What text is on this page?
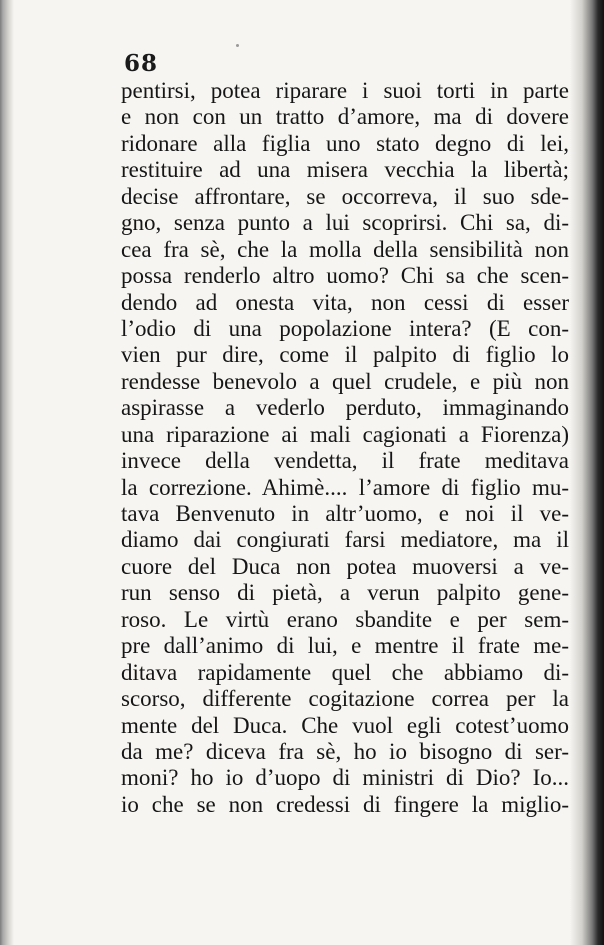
68
pentirsi, potea riparare i suoi torti in parte
e non con un tratto d’amore, ma di dovere
ridonare alla figlia uno stato degno di lei,
restituire ad una misera vecchia la libertà;
decise affrontare, se occorreva, il suo sde-
gno, senza punto a lui scoprirsi. Chi sa, di-
cea fra sè, che la molla della sensibilità non
possa renderlo altro uomo? Chi sa che scen-
dendo ad onesta vita, non cessi di esser
l’odio di una popolazione intera? (E con-
vien pur dire, come il palpito di figlio lo
rendesse benevolo a quel crudele, e più non
aspirasse a vederlo perduto, immaginando
una riparazione ai mali cagionati a Fiorenza)
invece della vendetta, il frate meditava
la correzione. Ahimè.... l’amore di figlio mu-
tava Benvenuto in altr’uomo, e noi il ve-
diamo dai congiurati farsi mediatore, ma il
cuore del Duca non potea muoversi a ve-
run senso di pietà, a verun palpito gene-
roso. Le virtù erano sbandite e per sem-
pre dall’animo di lui, e mentre il frate me-
ditava rapidamente quel che abbiamo di-
scorso, differente cogitazione correa per la
mente del Duca. Che vuol egli cotest’uomo
da me? diceva fra sè, ho io bisogno di ser-
moni? ho io d’uopo di ministri di Dio? Io...
io che se non credessi di fingere la miglio-
